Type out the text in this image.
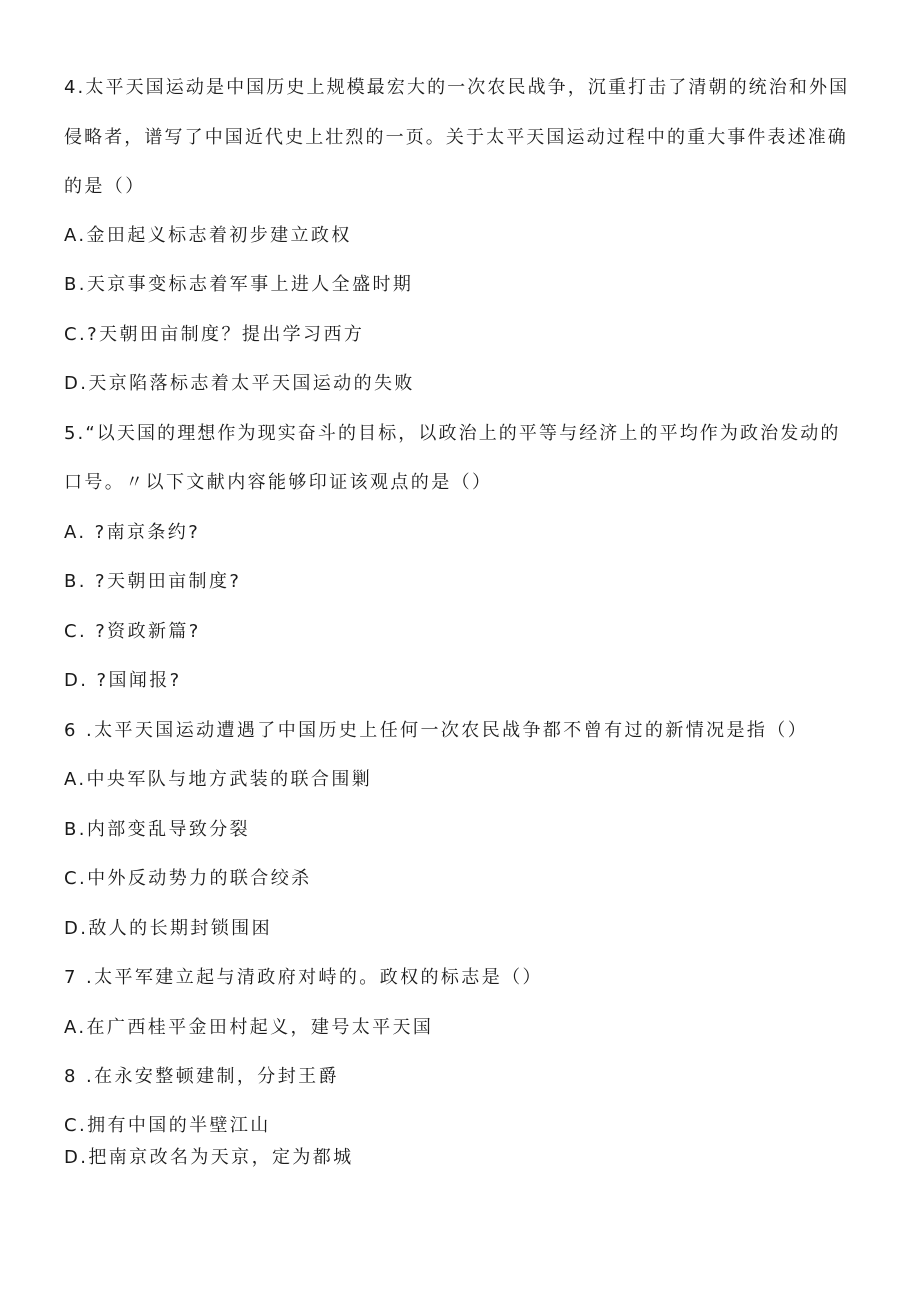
4.太平天国运动是中国历史上规模最宏大的一次农民战争，沉重打击了清朝的统治和外国
侵略者，谱写了中国近代史上壮烈的一页。关于太平天国运动过程中的重大事件表述准确
的是（）
A.金田起义标志着初步建立政权
B.天京事变标志着军事上进人全盛时期
C.?天朝田亩制度？提出学习西方
D.天京陷落标志着太平天国运动的失败
5.“以天国的理想作为现实奋斗的目标，以政治上的平等与经济上的平均作为政治发动的
口号。〃以下文献内容能够印证该观点的是（）
A. ?南京条约?
B. ?天朝田亩制度?
C. ?资政新篇?
D. ?国闻报?
6 .太平天国运动遭遇了中国历史上任何一次农民战争都不曾有过的新情况是指（）
A.中央军队与地方武装的联合围剿
B.内部变乱导致分裂
C.中外反动势力的联合绞杀
D.敌人的长期封锁围困
7 .太平军建立起与清政府对峙的。政权的标志是（）
A.在广西桂平金田村起义，建号太平天国
8 .在永安整顿建制，分封王爵
C.拥有中国的半壁江山
D.把南京改名为天京，定为都城
